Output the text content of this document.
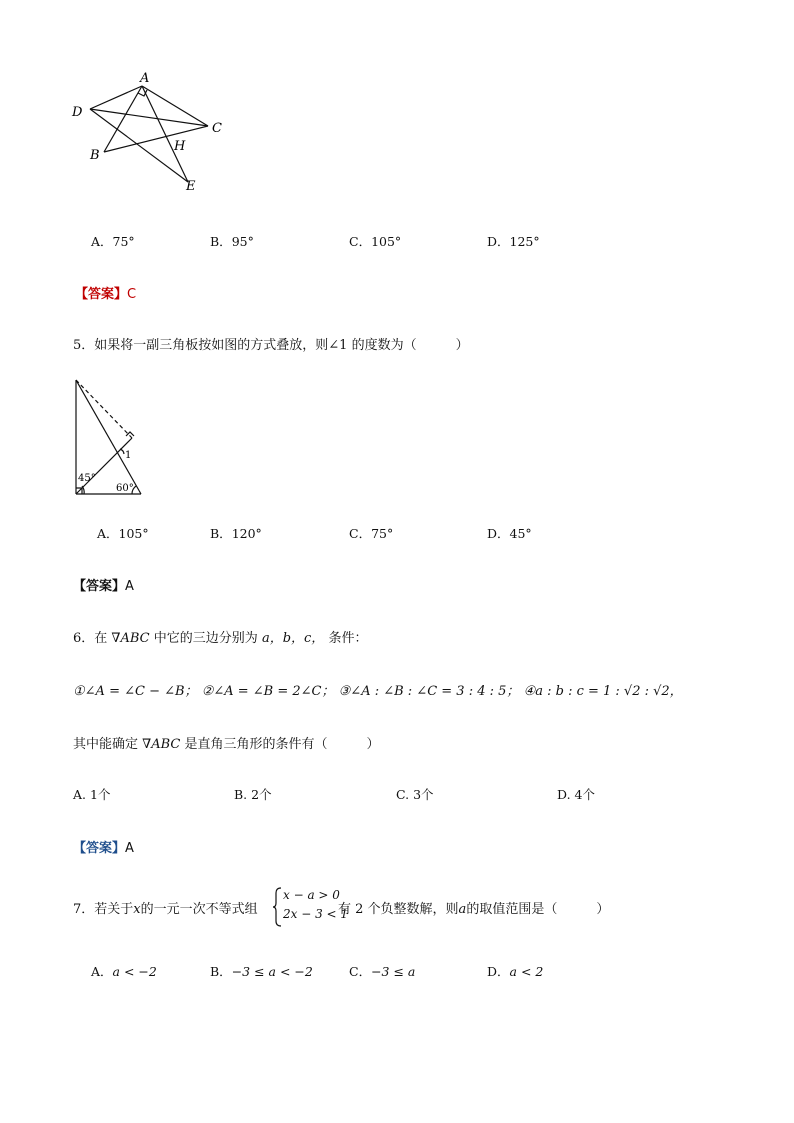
A
D
C
B
H
E
A．75°	B．95°	C．105°	D．125°
【答案】C
5．如果将一副三角板按如图的方式叠放，则∠1 的度数为（　　　）
1
45°
60°
A．105°	B．120°	C．75°	D．45°
【答案】A
6．在 ∇ABC 中它的三边分别为 a，b，c， 条件：
①∠A = ∠C − ∠B； ②∠A = ∠B = 2∠C； ③∠A : ∠B : ∠C = 3 : 4 : 5； ④a : b : c = 1 : √2 : √2，
其中能确定 ∇ABC 是直角三角形的条件有（　　　）
A. 1个	B. 2个	C. 3个	D. 4个
【答案】A
7．若关于x的一元一次不等式组
x − a > 0
2x − 3 < 1
有 2 个负整数解，则a的取值范围是（　　　）
A．a < −2	B．−3 ≤ a < −2	C．−3 ≤ a	D．a < 2
